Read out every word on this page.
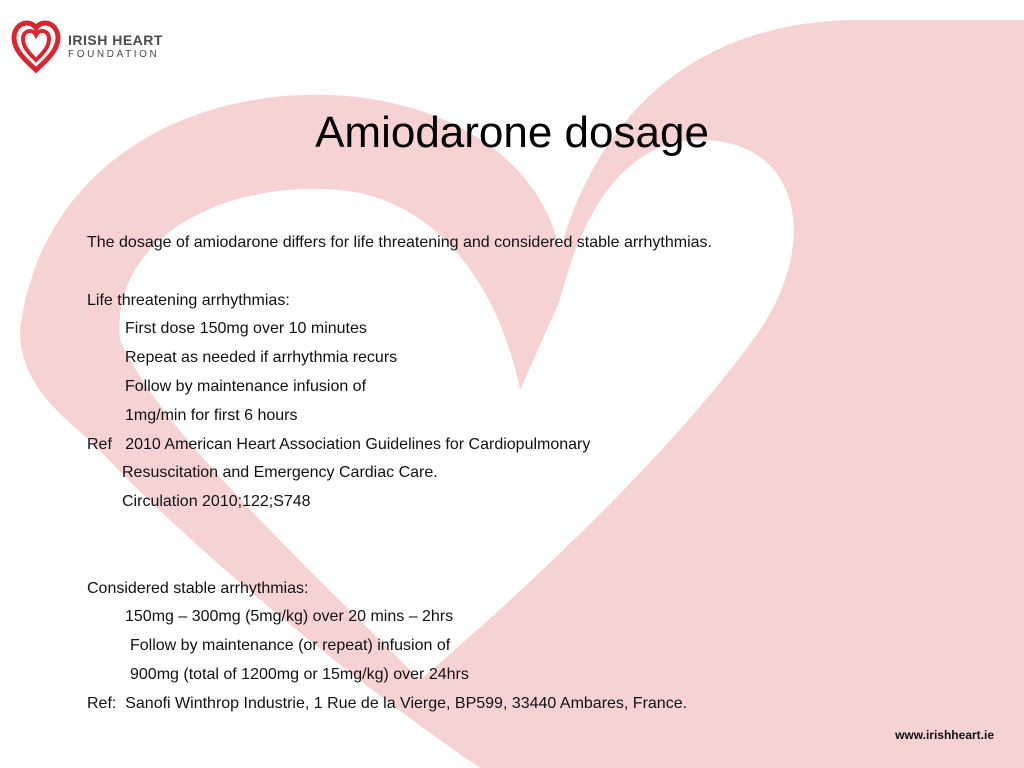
IRISH HEART
FOUNDATION
Amiodarone dosage
The dosage of amiodarone differs for life threatening and considered stable arrhythmias.
Life threatening arrhythmias:
First dose 150mg over 10 minutes
Repeat as needed if arrhythmia recurs
Follow by maintenance infusion of
1mg/min for first 6 hours
Ref   2010 American Heart Association Guidelines for Cardiopulmonary
Resuscitation and Emergency Cardiac Care.
Circulation 2010;122;S748
Considered stable arrhythmias:
150mg – 300mg (5mg/kg) over 20 mins – 2hrs
Follow by maintenance (or repeat) infusion of
900mg (total of 1200mg or 15mg/kg) over 24hrs
Ref:  Sanofi Winthrop Industrie, 1 Rue de la Vierge, BP599, 33440 Ambares, France.
www.irishheart.ie
